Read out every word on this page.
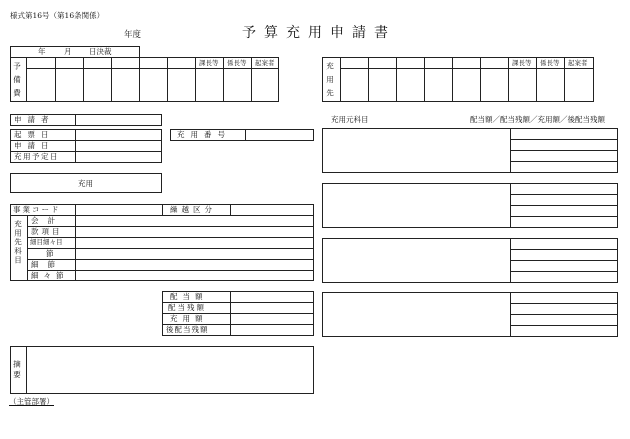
様式第16号（第16条関係）
年度	予算充用申請書
年 月 日決裁
予備費	課長等 係長等 起案者	充用先	課長等 係長等 起案者
申請者
起票日
申請日
充用予定日
充用番号
充用
事業コード	繰越区分
充用先科目 会計
款項目
細目細々目
節
細節
細々節
配当額
配当残額
充用額
後配当残額
摘要
（主管部署）
充用元科目	配当額／配当残額／充用額／後配当残額
